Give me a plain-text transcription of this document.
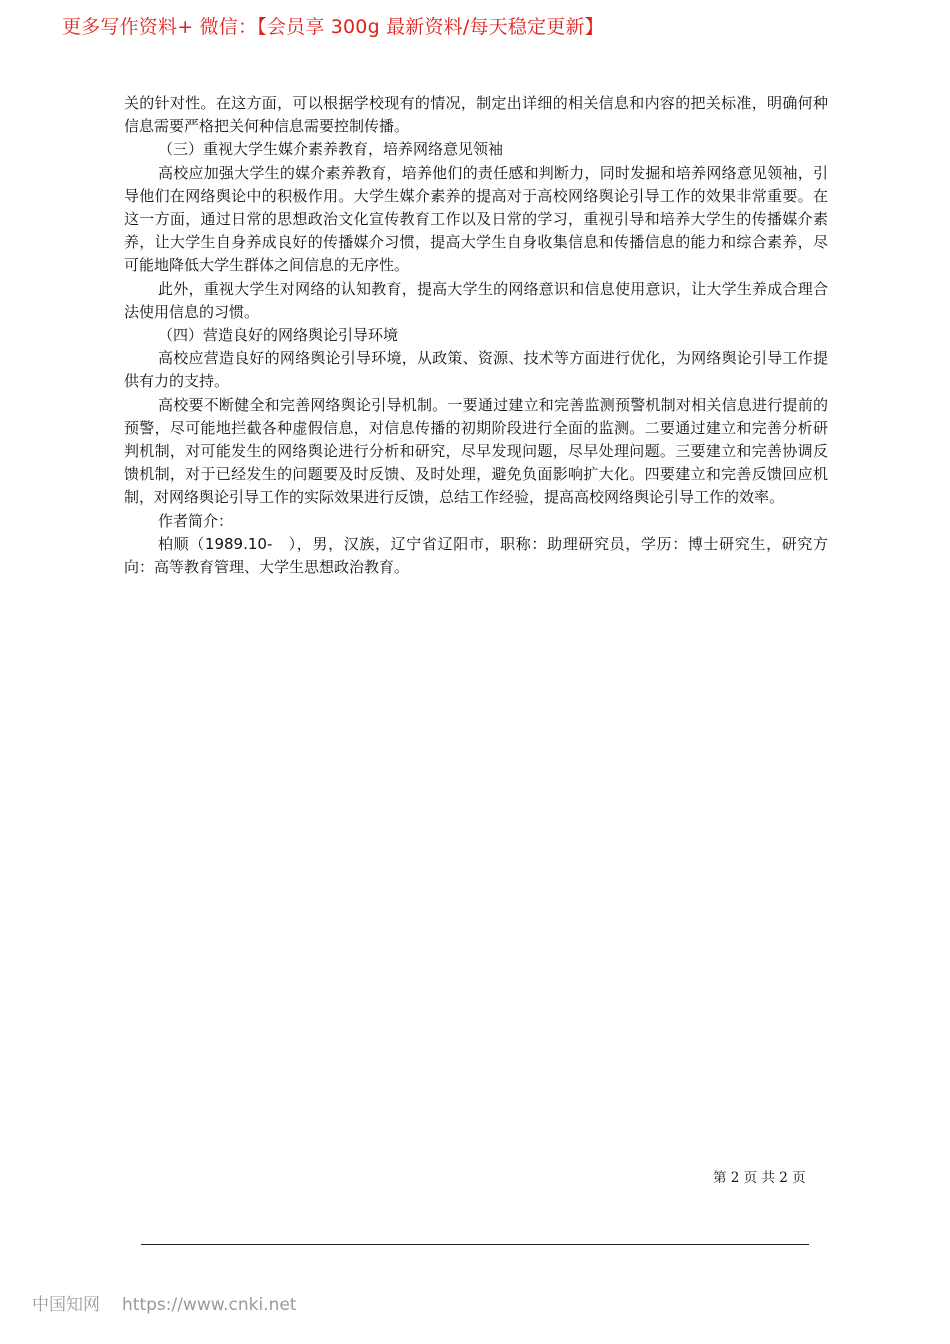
更多写作资料+ 微信：【会员享 300g 最新资料/每天稳定更新】

关的针对性。在这方面，可以根据学校现有的情况，制定出详细的相关信息和内容的把关标准，明确何种信息需要严格把关何种信息需要控制传播。

（三）重视大学生媒介素养教育，培养网络意见领袖

高校应加强大学生的媒介素养教育，培养他们的责任感和判断力，同时发掘和培养网络意见领袖，引导他们在网络舆论中的积极作用。大学生媒介素养的提高对于高校网络舆论引导工作的效果非常重要。在这一方面，通过日常的思想政治文化宣传教育工作以及日常的学习，重视引导和培养大学生的传播媒介素养，让大学生自身养成良好的传播媒介习惯，提高大学生自身收集信息和传播信息的能力和综合素养，尽可能地降低大学生群体之间信息的无序性。

此外，重视大学生对网络的认知教育，提高大学生的网络意识和信息使用意识，让大学生养成合理合法使用信息的习惯。

（四）营造良好的网络舆论引导环境

高校应营造良好的网络舆论引导环境，从政策、资源、技术等方面进行优化，为网络舆论引导工作提供有力的支持。

高校要不断健全和完善网络舆论引导机制。一要通过建立和完善监测预警机制对相关信息进行提前的预警，尽可能地拦截各种虚假信息，对信息传播的初期阶段进行全面的监测。二要通过建立和完善分析研判机制，对可能发生的网络舆论进行分析和研究，尽早发现问题，尽早处理问题。三要建立和完善协调反馈机制，对于已经发生的问题要及时反馈、及时处理，避免负面影响扩大化。四要建立和完善反馈回应机制，对网络舆论引导工作的实际效果进行反馈，总结工作经验，提高高校网络舆论引导工作的效率。

作者简介：

柏顺（1989.10-　），男，汉族，辽宁省辽阳市，职称：助理研究员，学历：博士研究生，研究方向：高等教育管理、大学生思想政治教育。

第 2 页 共 2 页
中国知网 https://www.cnki.net
